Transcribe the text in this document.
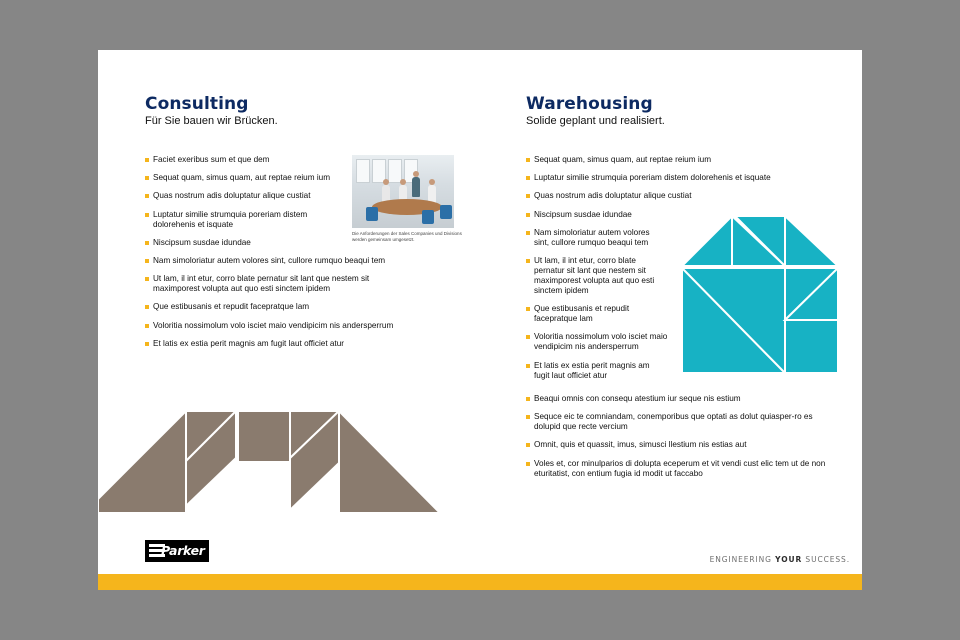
Consulting
Für Sie bauen wir Brücken.
Faciet exeribus sum et que dem
Sequat quam, simus quam, aut reptae reium ium
Quas nostrum adis doluptatur alique custiat
Luptatur similie strumquia poreriam distem dolorehenis et isquate
Niscipsum susdae idundae
Nam simoloriatur autem volores sint, cullore rumquo beaqui tem
Ut lam, il int etur, corro blate pernatur sit lant que nestem sit maximporest volupta aut quo esti sinctem ipidem
Que estibusanis et repudit facepratque lam
Voloritia nossimolum volo isciet maio vendipicim nis andersperrum
Et latis ex estia perit magnis am fugit laut officiet atur
Die Anforderungen der Sales Companies und Divisions werden gemeinsam umgesetzt.
Parker
Warehousing
Solide geplant und realisiert.
Sequat quam, simus quam, aut reptae reium ium
Luptatur similie strumquia poreriam distem dolorehenis et isquate
Quas nostrum adis doluptatur alique custiat
Niscipsum susdae idundae
Nam simoloriatur autem volores sint, cullore rumquo beaqui tem
Ut lam, il int etur, corro blate pernatur sit lant que nestem sit maximporest volupta aut quo esti sinctem ipidem
Que estibusanis et repudit facepratque lam
Voloritia nossimolum volo isciet maio vendipicim nis andersperrum
Et latis ex estia perit magnis am fugit laut officiet atur
Beaqui omnis con consequ atestium iur seque nis estium
Sequce eic te comniandam, conemporibus que optati as dolut quiasper-ro es dolupid que recte vercium
Omnit, quis et quassit, imus, simusci llestium nis estias aut
Voles et, cor minulparios di dolupta eceperum et vit vendi cust elic tem ut de non eturitatist, con entium fugia id modit ut faccabo
ENGINEERING YOUR SUCCESS.
